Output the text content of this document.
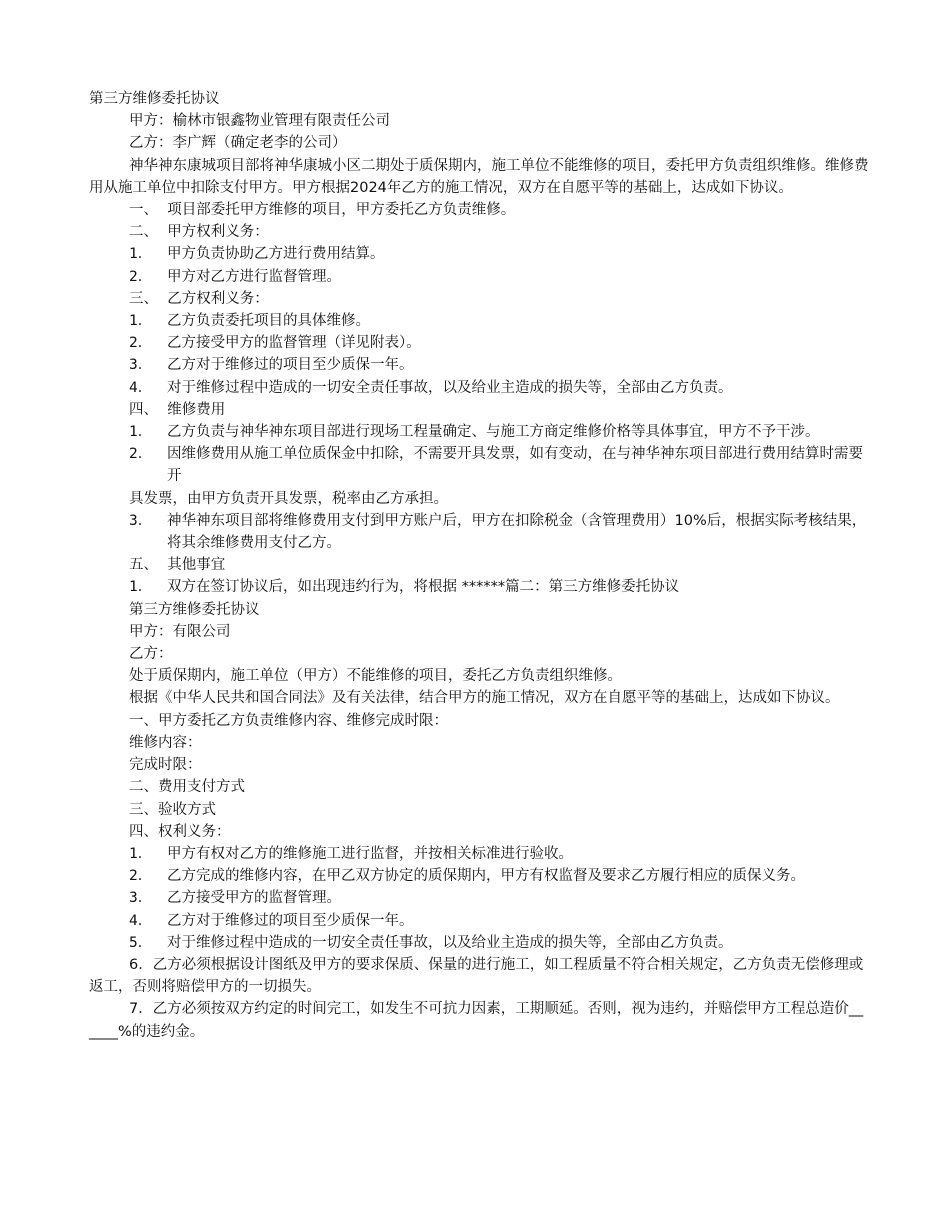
第三方维修委托协议

甲方：榆林市银鑫物业管理有限责任公司

乙方：李广辉（确定老李的公司）

神华神东康城项目部将神华康城小区二期处于质保期内，施工单位不能维修的项目，委托甲方负责组织维修。维修费用从施工单位中扣除支付甲方。甲方根据2024年乙方的施工情况，双方在自愿平等的基础上，达成如下协议。

一、  项目部委托甲方维修的项目，甲方委托乙方负责维修。

二、  甲方权利义务：

1．	甲方负责协助乙方进行费用结算。
2．	甲方对乙方进行监督管理。

三、  乙方权利义务：

1．	乙方负责委托项目的具体维修。
2．	乙方接受甲方的监督管理（详见附表）。
3．	乙方对于维修过的项目至少质保一年。
4．	对于维修过程中造成的一切安全责任事故，以及给业主造成的损失等，全部由乙方负责。

四、  维修费用

1．	乙方负责与神华神东项目部进行现场工程量确定、与施工方商定维修价格等具体事宜，甲方不予干涉。
2．	因维修费用从施工单位质保金中扣除，不需要开具发票，如有变动，在与神华神东项目部进行费用结算时需要开

具发票，由甲方负责开具发票，税率由乙方承担。

3．	神华神东项目部将维修费用支付到甲方账户后，甲方在扣除税金（含管理费用）10%后，根据实际考核结果，将其余维修费用支付乙方。

五、  其他事宜

1．	双方在签订协议后，如出现违约行为，将根据 ******篇二：第三方维修委托协议

第三方维修委托协议

甲方：有限公司

乙方：

处于质保期内，施工单位（甲方）不能维修的项目，委托乙方负责组织维修。

根据《中华人民共和国合同法》及有关法律，结合甲方的施工情况，双方在自愿平等的基础上，达成如下协议。

一、甲方委托乙方负责维修内容、维修完成时限：

维修内容：

完成时限：

二、费用支付方式

三、验收方式

四、权利义务：

1．	甲方有权对乙方的维修施工进行监督，并按相关标准进行验收。
2．	乙方完成的维修内容，在甲乙双方协定的质保期内，甲方有权监督及要求乙方履行相应的质保义务。
3．	乙方接受甲方的监督管理。
4．	乙方对于维修过的项目至少质保一年。
5．	对于维修过程中造成的一切安全责任事故，以及给业主造成的损失等，全部由乙方负责。

6．乙方必须根据设计图纸及甲方的要求保质、保量的进行施工，如工程质量不符合相关规定，乙方负责无偿修理或返工，否则将赔偿甲方的一切损失。

7．乙方必须按双方约定的时间完工，如发生不可抗力因素，工期顺延。否则，视为违约，并赔偿甲方工程总造价______%的违约金。
